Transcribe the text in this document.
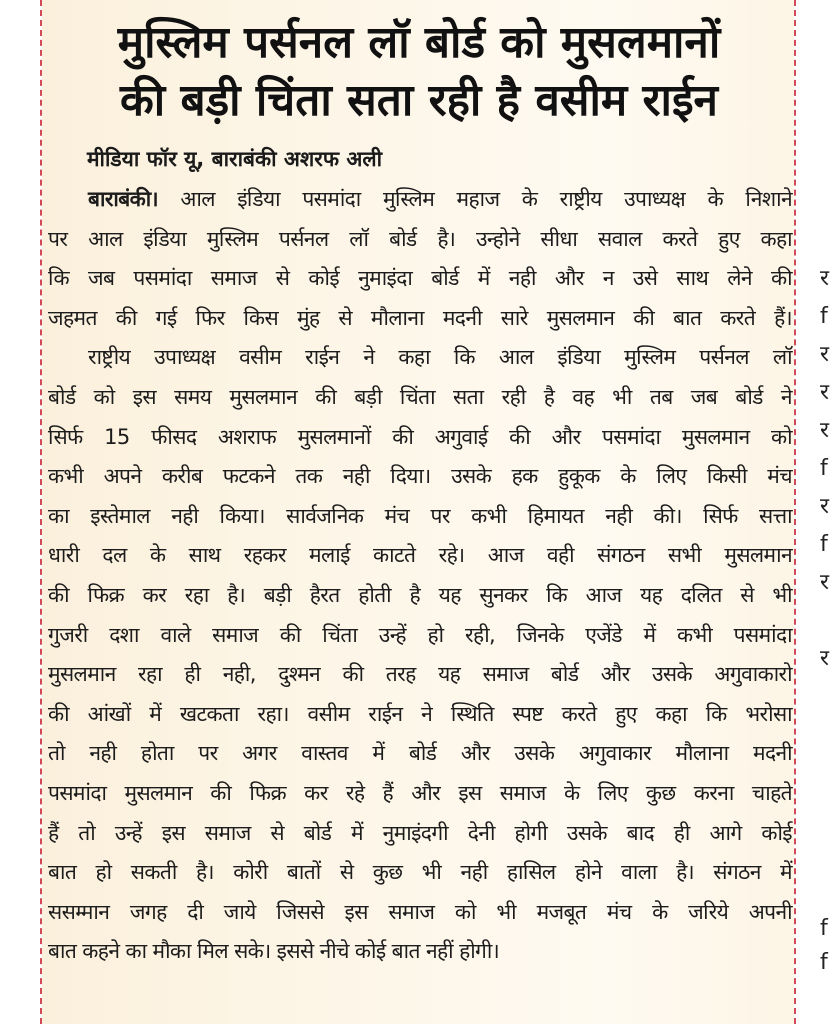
मुस्लिम पर्सनल लॉ बोर्ड को मुसलमानों
की बड़ी चिंता सता रही है वसीम राईन
मीडिया फॉर यू, बाराबंकी अशरफ अली
बाराबंकी। आल इंडिया पसमांदा मुस्लिम महाज के राष्ट्रीय उपाध्यक्ष के निशाने
पर आल इंडिया मुस्लिम पर्सनल लॉ बोर्ड है। उन्होने सीधा सवाल करते हुए कहा
कि जब पसमांदा समाज से कोई नुमाइंदा बोर्ड में नही और न उसे साथ लेने की
जहमत की गई फिर किस मुंह से मौलाना मदनी सारे मुसलमान की बात करते हैं।
राष्ट्रीय उपाध्यक्ष वसीम राईन ने कहा कि आल इंडिया मुस्लिम पर्सनल लॉ
बोर्ड को इस समय मुसलमान की बड़ी चिंता सता रही है वह भी तब जब बोर्ड ने
सिर्फ 15 फीसद अशराफ मुसलमानों की अगुवाई की और पसमांदा मुसलमान को
कभी अपने करीब फटकने तक नही दिया। उसके हक हुकूक के लिए किसी मंच
का इस्तेमाल नही किया। सार्वजनिक मंच पर कभी हिमायत नही की। सिर्फ सत्ता
धारी दल के साथ रहकर मलाई काटते रहे। आज वही संगठन सभी मुसलमान
की फिक्र कर रहा है। बड़ी हैरत होती है यह सुनकर कि आज यह दलित से भी
गुजरी दशा वाले समाज की चिंता उन्हें हो रही, जिनके एजेंडे में कभी पसमांदा
मुसलमान रहा ही नही, दुश्मन की तरह यह समाज बोर्ड और उसके अगुवाकारो
की आंखों में खटकता रहा। वसीम राईन ने स्थिति स्पष्ट करते हुए कहा कि भरोसा
तो नही होता पर अगर वास्तव में बोर्ड और उसके अगुवाकार मौलाना मदनी
पसमांदा मुसलमान की फिक्र कर रहे हैं और इस समाज के लिए कुछ करना चाहते
हैं तो उन्हें इस समाज से बोर्ड में नुमाइंदगी देनी होगी उसके बाद ही आगे कोई
बात हो सकती है। कोरी बातों से कुछ भी नही हासिल होने वाला है। संगठन में
ससम्मान जगह दी जाये जिससे इस समाज को भी मजबूत मंच के जरिये अपनी
बात कहने का मौका मिल सके। इससे नीचे कोई बात नहीं होगी।
र
f
र
र
र
f
र
f
र
र
f
f
